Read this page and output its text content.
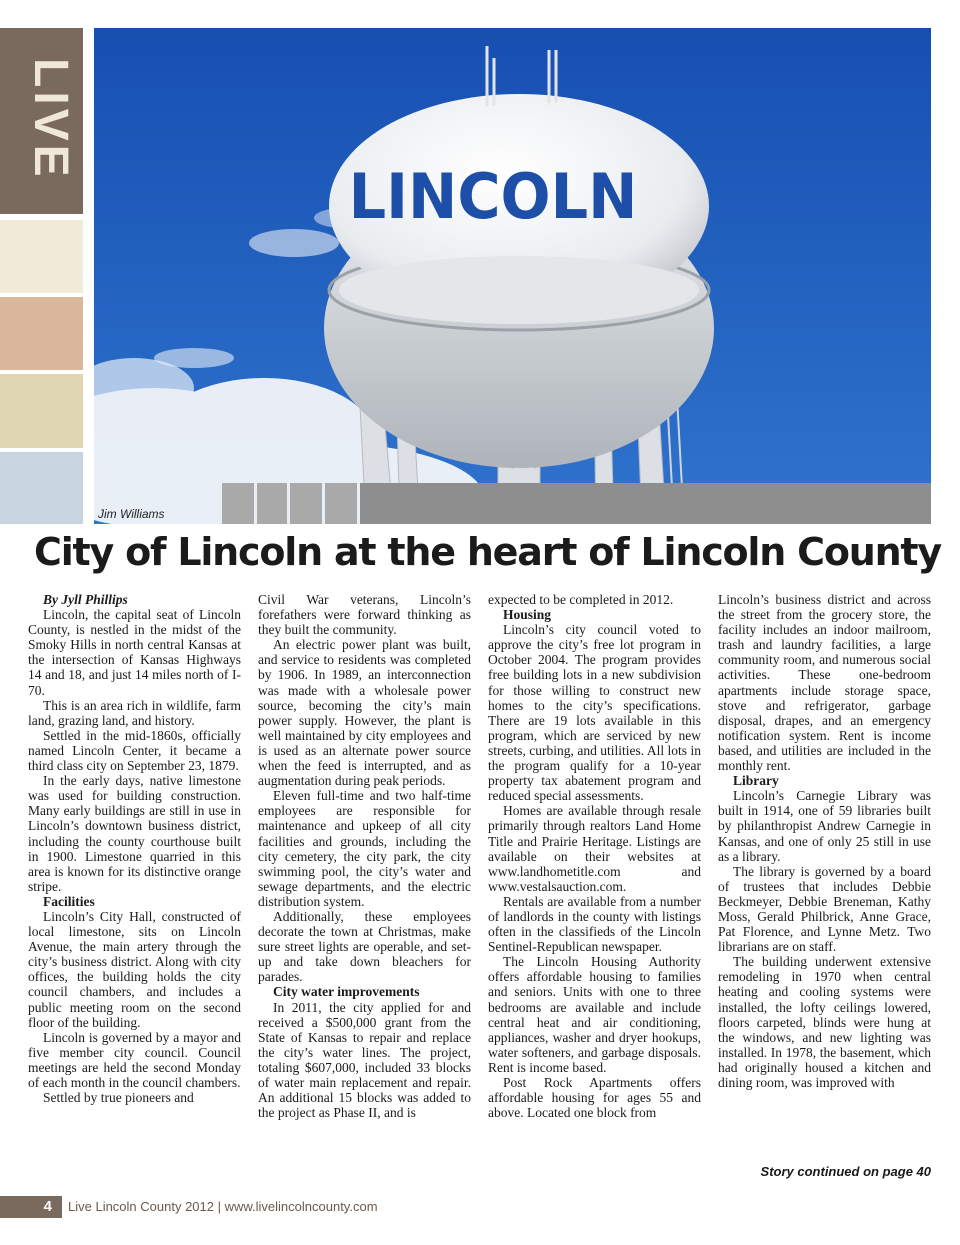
LIVE
LINCOLN
Jim Williams
City of Lincoln at the heart of Lincoln County

By Jyll Phillips

Lincoln, the capital seat of Lincoln County, is nestled in the midst of the Smoky Hills in north central Kansas at the intersection of Kansas Highways 14 and 18, and just 14 miles north of I-70.

This is an area rich in wildlife, farm land, grazing land, and history.

Settled in the mid-1860s, officially named Lincoln Center, it became a third class city on September 23, 1879.

In the early days, native limestone was used for building construction. Many early buildings are still in use in Lincoln’s downtown business district, including the county courthouse built in 1900. Limestone quarried in this area is known for its distinctive orange stripe.

Facilities

Lincoln’s City Hall, constructed of local limestone, sits on Lincoln Avenue, the main artery through the city’s business district. Along with city offices, the building holds the city council chambers, and includes a public meeting room on the second floor of the building.

Lincoln is governed by a mayor and five member city council. Council meetings are held the second Monday of each month in the council chambers.

Settled by true pioneers and

Civil War veterans, Lincoln’s forefathers were forward thinking as they built the community.

An electric power plant was built, and service to residents was completed by 1906. In 1989, an interconnection was made with a wholesale power source, becoming the city’s main power supply. However, the plant is well maintained by city employees and is used as an alternate power source when the feed is interrupted, and as augmentation during peak periods.

Eleven full-time and two half-time employees are responsible for maintenance and upkeep of all city facilities and grounds, including the city cemetery, the city park, the city swimming pool, the city’s water and sewage departments, and the electric distribution system.

Additionally, these employees decorate the town at Christmas, make sure street lights are operable, and set-up and take down bleachers for parades.

City water improvements

In 2011, the city applied for and received a $500,000 grant from the State of Kansas to repair and replace the city’s water lines. The project, totaling $607,000, included 33 blocks of water main replacement and repair. An additional 15 blocks was added to the project as Phase II, and is

expected to be completed in 2012.

Housing

Lincoln’s city council voted to approve the city’s free lot program in October 2004. The program provides free building lots in a new subdivision for those willing to construct new homes to the city’s specifications. There are 19 lots available in this program, which are serviced by new streets, curbing, and utilities. All lots in the program qualify for a 10-year property tax abatement program and reduced special assessments.

Homes are available through resale primarily through realtors Land Home Title and Prairie Heritage. Listings are available on their websites at www.landhometitle.com and www.vestalsauction.com.

Rentals are available from a number of landlords in the county with listings often in the classifieds of the Lincoln Sentinel-Republican newspaper.

The Lincoln Housing Authority offers affordable housing to families and seniors. Units with one to three bedrooms are available and include central heat and air conditioning, appliances, washer and dryer hookups, water softeners, and garbage disposals. Rent is income based.

Post Rock Apartments offers affordable housing for ages 55 and above. Located one block from

Lincoln’s business district and across the street from the grocery store, the facility includes an indoor mailroom, trash and laundry facilities, a large community room, and numerous social activities. These one-bedroom apartments include storage space, stove and refrigerator, garbage disposal, drapes, and an emergency notification system. Rent is income based, and utilities are included in the monthly rent.

Library

Lincoln’s Carnegie Library was built in 1914, one of 59 libraries built by philanthropist Andrew Carnegie in Kansas, and one of only 25 still in use as a library.

The library is governed by a board of trustees that includes Debbie Beckmeyer, Debbie Breneman, Kathy Moss, Gerald Philbrick, Anne Grace, Pat Florence, and Lynne Metz. Two librarians are on staff.

The building underwent extensive remodeling in 1970 when central heating and cooling systems were installed, the lofty ceilings lowered, floors carpeted, blinds were hung at the windows, and new lighting was installed. In 1978, the basement, which had originally housed a kitchen and dining room, was improved with

Story continued on page 40
4	Live Lincoln County 2012 | www.livelincolncounty.com
